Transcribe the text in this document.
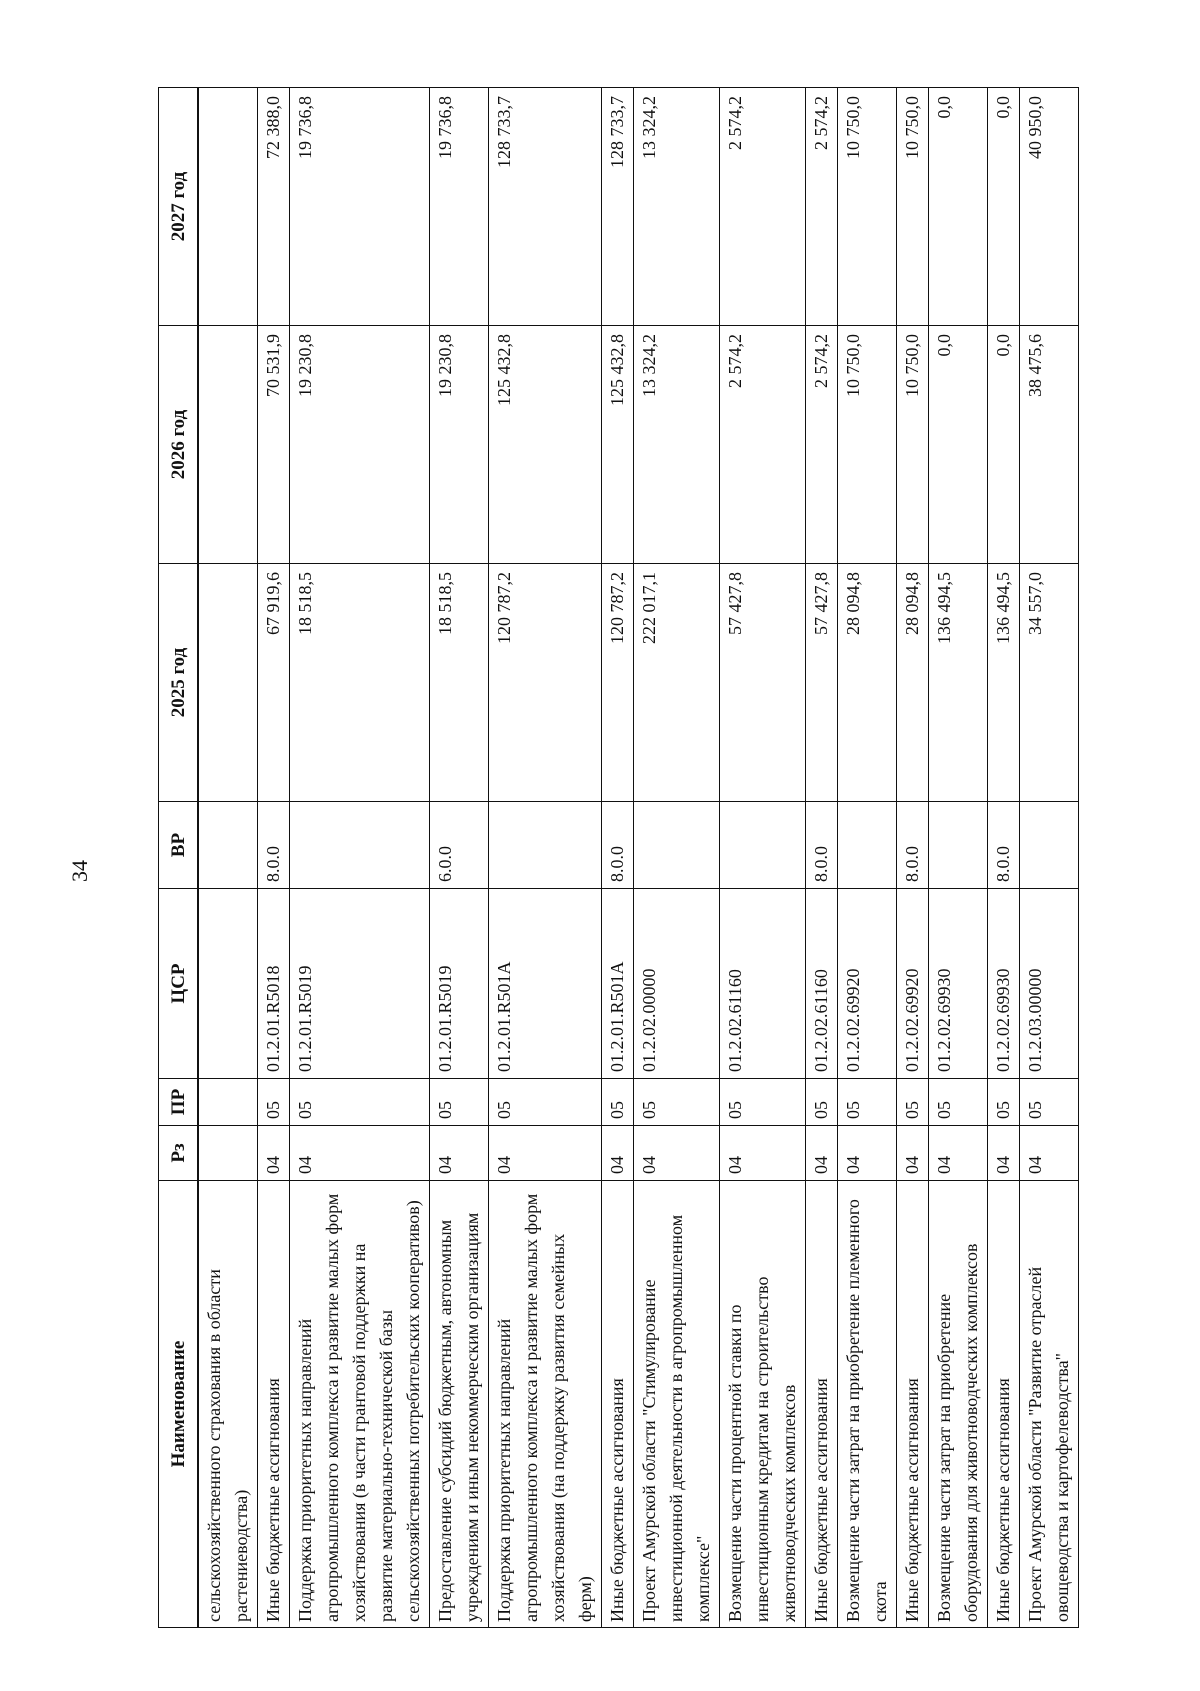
34
Наименование	Рз	ПР	ЦСР	ВР	2025 год	2026 год	2027 год
сельскохозяйственного страхования в области растениеводства)							
Иные бюджетные ассигнования	04	05	01.2.01.R5018	8.0.0	67 919,6	70 531,9	72 388,0
Поддержка приоритетных направлений агропромышленного комплекса и развитие малых форм хозяйствования (в части грантовой поддержки на развитие материально-технической базы сельскохозяйственных потребительских кооперативов)	04	05	01.2.01.R5019		18 518,5	19 230,8	19 736,8
Предоставление субсидий бюджетным, автономным учреждениям и иным некоммерческим организациям	04	05	01.2.01.R5019	6.0.0	18 518,5	19 230,8	19 736,8
Поддержка приоритетных направлений агропромышленного комплекса и развитие малых форм хозяйствования (на поддержку развития семейных ферм)	04	05	01.2.01.R501A		120 787,2	125 432,8	128 733,7
Иные бюджетные ассигнования	04	05	01.2.01.R501A	8.0.0	120 787,2	125 432,8	128 733,7
Проект Амурской области "Стимулирование инвестиционной деятельности в агропромышленном комплексе"	04	05	01.2.02.00000		222 017,1	13 324,2	13 324,2
Возмещение части процентной ставки по инвестиционным кредитам на строительство животноводческих комплексов	04	05	01.2.02.61160		57 427,8	2 574,2	2 574,2
Иные бюджетные ассигнования	04	05	01.2.02.61160	8.0.0	57 427,8	2 574,2	2 574,2
Возмещение части затрат на приобретение племенного скота	04	05	01.2.02.69920		28 094,8	10 750,0	10 750,0
Иные бюджетные ассигнования	04	05	01.2.02.69920	8.0.0	28 094,8	10 750,0	10 750,0
Возмещение части затрат на приобретение оборудования для животноводческих комплексов	04	05	01.2.02.69930		136 494,5	0,0	0,0
Иные бюджетные ассигнования	04	05	01.2.02.69930	8.0.0	136 494,5	0,0	0,0
Проект Амурской области "Развитие отраслей овощеводства и картофелеводства"	04	05	01.2.03.00000		34 557,0	38 475,6	40 950,0
